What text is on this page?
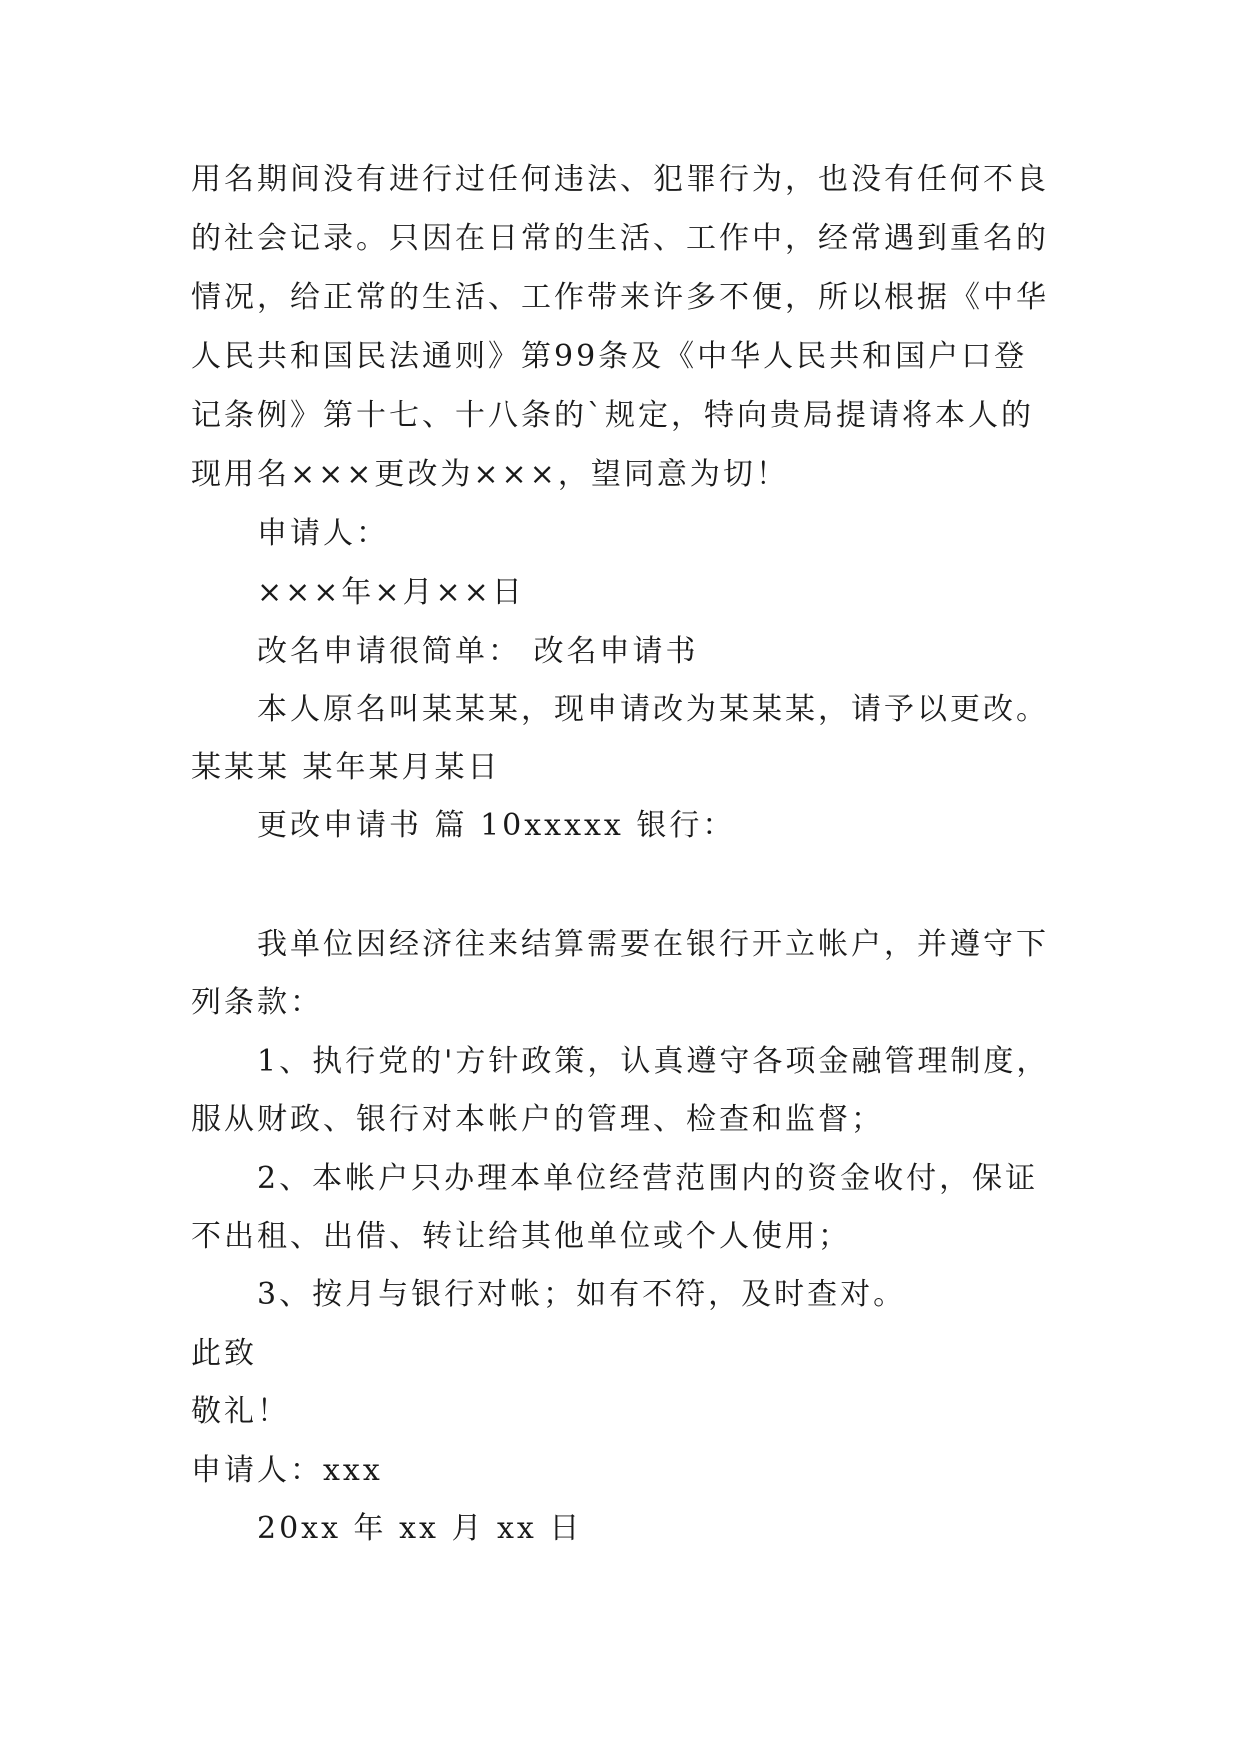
用名期间没有进行过任何违法、犯罪行为，也没有任何不良
的社会记录。只因在日常的生活、工作中，经常遇到重名的
情况，给正常的生活、工作带来许多不便，所以根据《中华
人民共和国民法通则》第99条及《中华人民共和国户口登
记条例》第十七、十八条的`规定，特向贵局提请将本人的
现用名×××更改为×××，望同意为切！
申请人：
×××年×月××日
改名申请很简单： 改名申请书
本人原名叫某某某，现申请改为某某某，请予以更改。
某某某 某年某月某日
更改申请书 篇 10xxxxx 银行：
我单位因经济往来结算需要在银行开立帐户，并遵守下
列条款：
1、执行党的'方针政策，认真遵守各项金融管理制度，
服从财政、银行对本帐户的管理、检查和监督；
2、本帐户只办理本单位经营范围内的资金收付，保证
不出租、出借、转让给其他单位或个人使用；
3、按月与银行对帐；如有不符，及时查对。
此致
敬礼！
申请人：xxx
20xx 年 xx 月 xx 日
